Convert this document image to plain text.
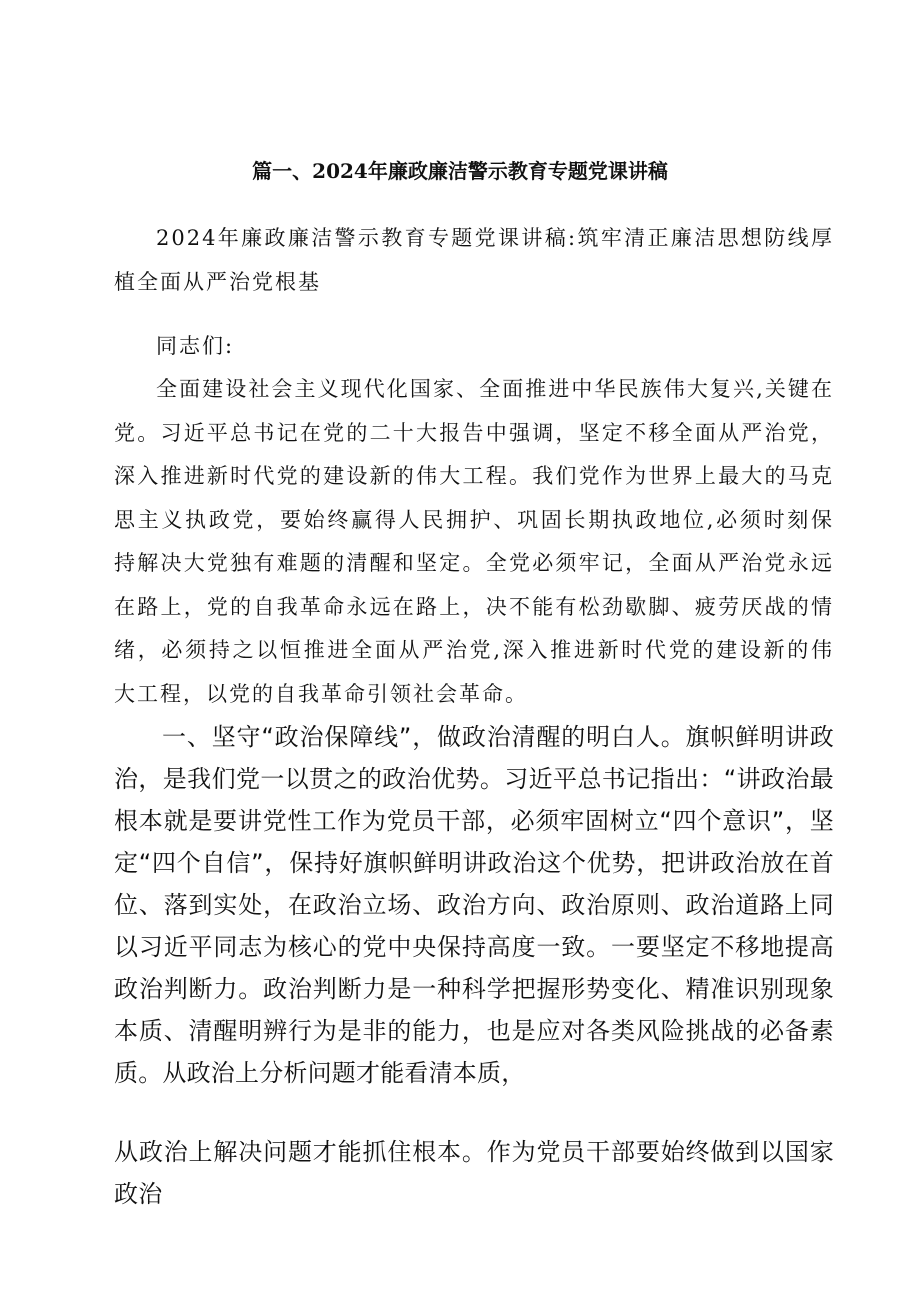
篇一、2024年廉政廉洁警示教育专题党课讲稿

2024年廉政廉洁警示教育专题党课讲稿:筑牢清正廉洁思想防线厚植全面从严治党根基

同志们:

全面建设社会主义现代化国家、全面推进中华民族伟大复兴,关键在党。习近平总书记在党的二十大报告中强调，坚定不移全面从严治党，深入推进新时代党的建设新的伟大工程。我们党作为世界上最大的马克思主义执政党，要始终赢得人民拥护、巩固长期执政地位,必须时刻保持解决大党独有难题的清醒和坚定。全党必须牢记，全面从严治党永远在路上，党的自我革命永远在路上，决不能有松劲歇脚、疲劳厌战的情绪，必须持之以恒推进全面从严治党,深入推进新时代党的建设新的伟大工程，以党的自我革命引领社会革命。

一、坚守“政治保障线”，做政治清醒的明白人。旗帜鲜明讲政治，是我们党一以贯之的政治优势。习近平总书记指出：“讲政治最根本就是要讲党性工作为党员干部，必须牢固树立“四个意识”，坚定“四个自信”，保持好旗帜鲜明讲政治这个优势，把讲政治放在首位、落到实处，在政治立场、政治方向、政治原则、政治道路上同以习近平同志为核心的党中央保持高度一致。一要坚定不移地提高政治判断力。政治判断力是一种科学把握形势变化、精准识别现象本质、清醒明辨行为是非的能力，也是应对各类风险挑战的必备素质。从政治上分析问题才能看清本质，

从政治上解决问题才能抓住根本。作为党员干部要始终做到以国家政治
